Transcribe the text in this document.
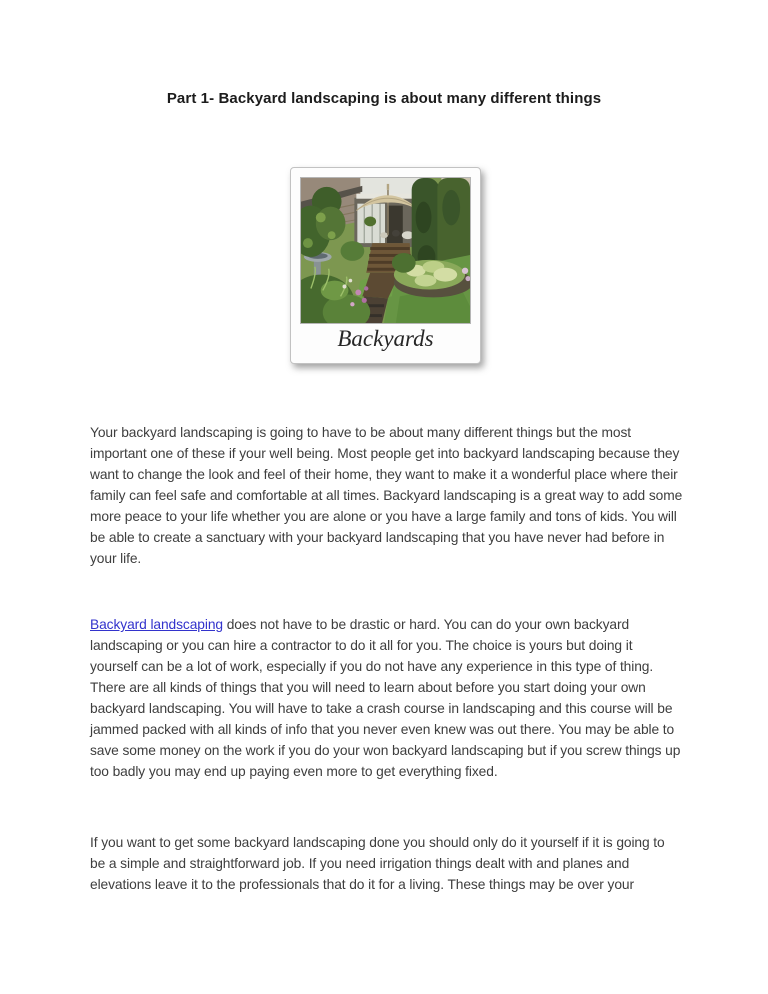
Part 1- Backyard landscaping is about many different things
Backyards

Your backyard landscaping is going to have to be about many different things but the most important one of these if your well being. Most people get into backyard landscaping because they want to change the look and feel of their home, they want to make it a wonderful place where their family can feel safe and comfortable at all times. Backyard landscaping is a great way to add some more peace to your life whether you are alone or you have a large family and tons of kids. You will be able to create a sanctuary with your backyard landscaping that you have never had before in your life.

Backyard landscaping does not have to be drastic or hard. You can do your own backyard landscaping or you can hire a contractor to do it all for you. The choice is yours but doing it yourself can be a lot of work, especially if you do not have any experience in this type of thing. There are all kinds of things that you will need to learn about before you start doing your own backyard landscaping. You will have to take a crash course in landscaping and this course will be jammed packed with all kinds of info that you never even knew was out there. You may be able to save some money on the work if you do your won backyard landscaping but if you screw things up too badly you may end up paying even more to get everything fixed.

If you want to get some backyard landscaping done you should only do it yourself if it is going to be a simple and straightforward job. If you need irrigation things dealt with and planes and elevations leave it to the professionals that do it for a living. These things may be over your
